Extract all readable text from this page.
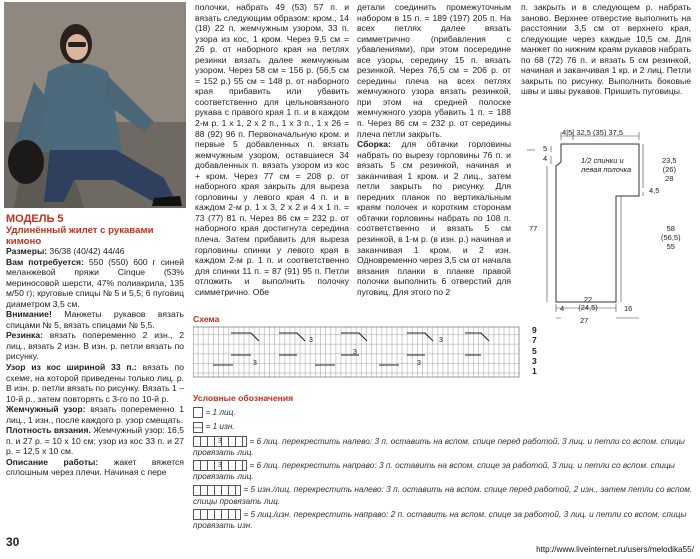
МОДЕЛЬ 5
Удлинённый жилет с рукавами кимоно
Размеры: 36/38 (40/42) 44/46
Вам потребуется: 550 (550) 600 г синей меланжевой пряжи Cinque (53% мериносовой шерсти, 47% полиакрила, 135 м/50 г); круговые спицы № 5 и 5,5; 6 пуговиц диаметром 3,5 см.
Внимание! Манжеты рукавов вязать спицами № 5, вязать спицами № 5,5.
Резинка: вязать попеременно 2 изн., 2 лиц., вязать 2 изн. В изн. р. петли вязать по рисунку.
Узор из кос шириной 33 п.: вязать по схеме, на которой приведены только лиц. р. В изн. р. петли вязать по рисунку. Вязать 1 – 10-й р., затем повторять с 3-го по 10-й р.
Жемчужный узор: вязать попеременно 1 лиц., 1 изн., после каждого р. узор смещать.
Плотность вязания. Жемчужный узор: 16,5 п. и 27 р. = 10 х 10 см; узор из кос 33 п. и 27 р. = 12,5 х 10 см.
Описание работы: жакет вяжется сплошным через плечи. Начиная с пере
полочки, набрать 49 (53) 57 п. и вязать следующим образом: кром., 14 (18) 22 п. жемчужным узором, 33 п. узора из кос, 1 кром. Через 9,5 см = 26 р. от наборного края на петлях резинки вязать далее жемчужным узором. Через 58 см = 156 р. (56,5 см = 152 р.) 55 см = 148 р. от наборного края прибавить или убавить соответственно для цельновязаного рукава с правого края 1 п. и в каждом 2-м р. 1 х 1, 2 х 2 п., 1 х 3 п., 1 х 26 = 88 (92) 96 п. Первоначальную кром. и первые 5 добавленных п. вязать жемчужным узором, оставшиеся 34 добавленных п. вязать узором из кос + кром. Через 77 см = 208 р. от наборного края закрыть для выреза горловины у левого края 4 п. и в каждом 2-м р. 1 х 3, 2 х 2 и 4 х 1 п. = 73 (77) 81 п. Через 86 см = 232 р. от наборного края достигнута середина плеча. Затем прибавить для выреза горловины спинки у левого края в каждом 2-м р. 1 п. и соответственно для спинки 11 п. = 87 (91) 95 п. Петли отложить и выполнить полочку симметрично. Обе
детали соединить промежуточным набором в 15 п. = 189 (197) 205 п. На всех петлях далее вязать симметрично (прибавления с убавлениями), при этом посередине все узоры, середину 15 п. вязать резинкой. Через 76,5 см = 206 р. от середины плеча на всех петлях жемчужного узора вязать резинкой, при этом на средней полоске жемчужного узора убавить 1 п. = 188 п. Через 86 см = 232 р. от середины плеча петли закрыть.
Сборка: для обтачки горловины набрать по вырезу горловины 76 п. и вязать 5 см резинкой, начиная и заканчивая 1 кром. и 2 лиц., затем петли закрыть по рисунку. Для передних планок по вертикальным краям полочек и коротким сторонам обтачки горловины набрать по 108 п. соответственно и вязать 5 см резинкой, в 1-м р. (в изн. р.) начиная и заканчивая 1 кром. и 2 изн. Одновременно через 3,5 см от начала вязания планки в планке правой полочки выполнить 6 отверстий для пуговиц. Для этого по 2
п. закрыть и в следующем р. набрать заново. Верхнее отверстие выполнить на расстоянии 3,5 см от верхнего края, следующие через каждые 10,5 см. Для манжет по нижним краям рукавов набрать по 68 (72) 76 п. и вязать 5 см резинкой, начиная и заканчивая 1 кр. и 2 лиц. Петли закрыть по рисунку. Выполнить боковые швы и швы рукавов. Пришить пуговицы.
4|5| 32,5 (35) 37,5
5
4	1/2 спинки и левая полочка
23,5
(26)
28
4,5
77	58
(56,5)
55
22
(24,5)
4	16
27
Схема
3	3
3
3	3
9
7
5
3
1
Условные обозначения
= 1 лиц.
— = 1 изн.
3	= 6 лиц. перекрестить налево: 3 п. оставить на вспом. спице перед работой, 3 лиц. и петли со вспом. спицы провязать лиц.
3	= 6 лиц. перекрестить направо: 3 п. оставить на вспом. спице за работой, 3 лиц. и петли со вспом. спицы провязать лиц.
= 5 изн./лиц. перекрестить налево: 3 п. оставить на вспом. спице перед работой, 2 изн., затем петли со вспом. спицы провязать лиц.
= 5 лиц./изн. перекрестить направо: 2 п. оставить на вспом. спице за работой, 3 лиц. и петли со вспом. спицы провязать изн.
30
http://www.liveinternet.ru/users/melodika55/
